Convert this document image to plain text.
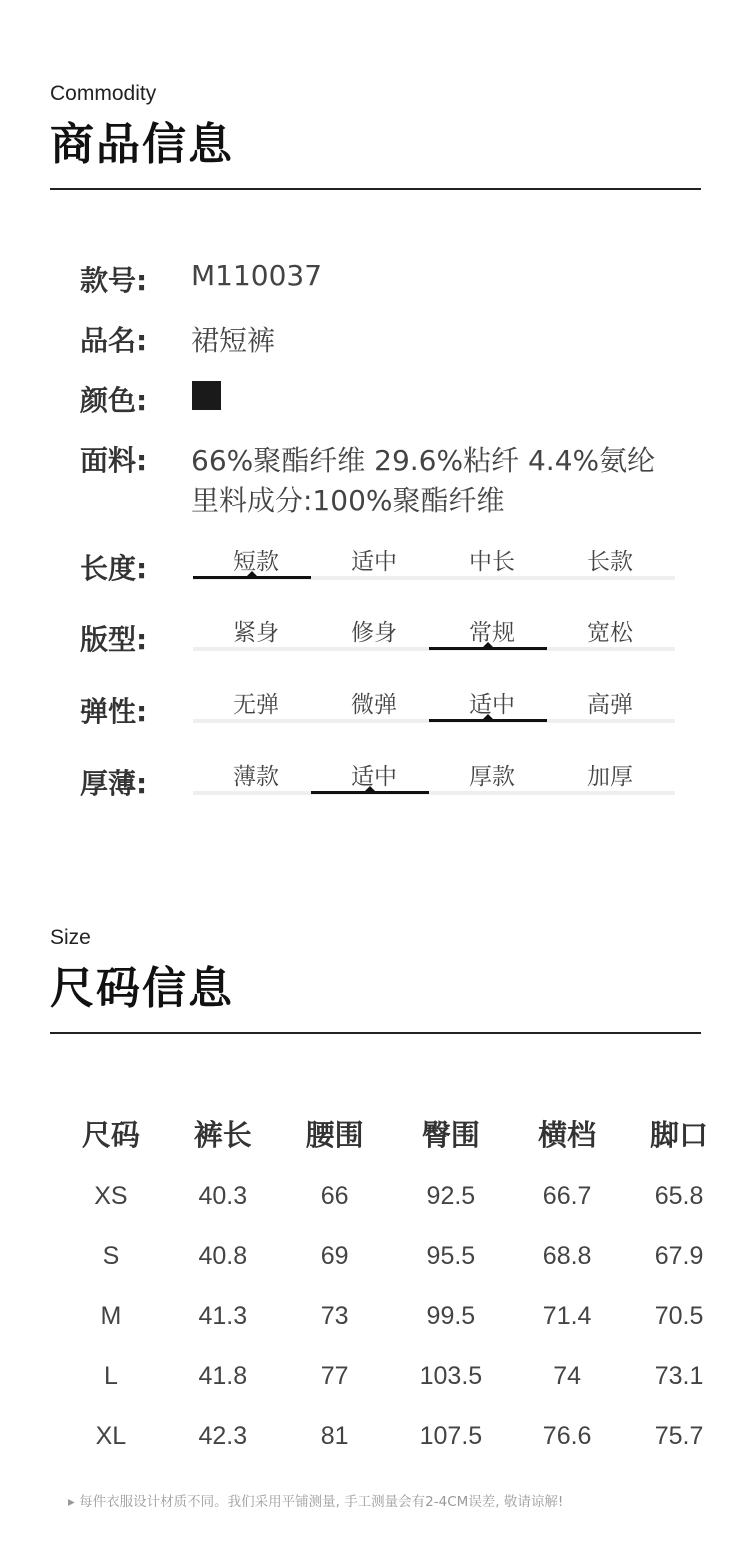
Commodity
商品信息
款号: M110037
品名: 裙短裤
颜色:
面料: 66%聚酯纤维 29.6%粘纤 4.4%氨纶
里料成分:100%聚酯纤维
长度:	短款	适中	中长	长款
版型:	紧身	修身	常规	宽松
弹性:	无弹	微弹	适中	高弹
厚薄:	薄款	适中	厚款	加厚
Size
尺码信息
尺码	裤长	腰围	臀围	横档	脚口
XS	40.3	66	92.5	66.7	65.8
S	40.8	69	95.5	68.8	67.9
M	41.3	73	99.5	71.4	70.5
L	41.8	77	103.5	74	73.1
XL	42.3	81	107.5	76.6	75.7
▸ 每件衣服设计材质不同。我们采用平铺测量, 手工测量会有2-4CM误差, 敬请谅解!
